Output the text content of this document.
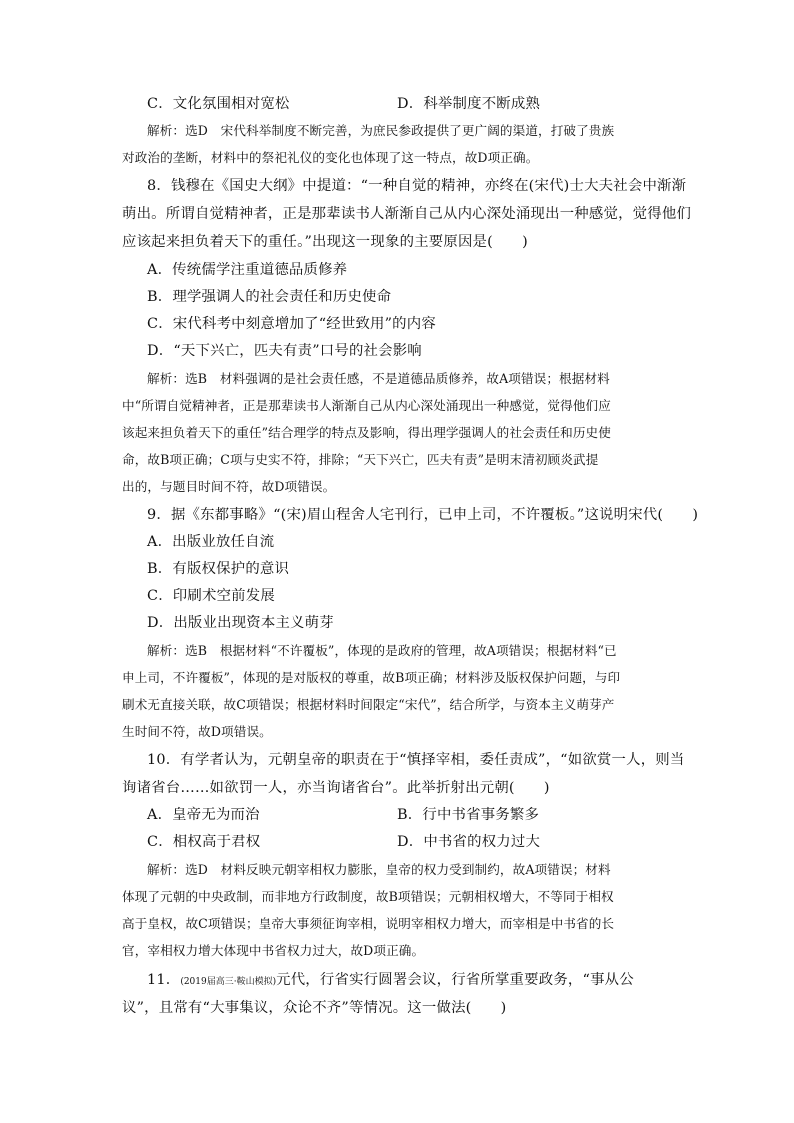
C．文化氛围相对宽松	D．科举制度不断成熟
解析：选D　宋代科举制度不断完善，为庶民参政提供了更广阔的渠道，打破了贵族
对政治的垄断，材料中的祭祀礼仪的变化也体现了这一特点，故D项正确。
8．钱穆在《国史大纲》中提道：“一种自觉的精神，亦终在(宋代)士大夫社会中渐渐
萌出。所谓自觉精神者，正是那辈读书人渐渐自己从内心深处涌现出一种感觉，觉得他们
应该起来担负着天下的重任。”出现这一现象的主要原因是(　　)
A．传统儒学注重道德品质修养
B．理学强调人的社会责任和历史使命
C．宋代科考中刻意增加了“经世致用”的内容
D．“天下兴亡，匹夫有责”口号的社会影响
解析：选B　材料强调的是社会责任感，不是道德品质修养，故A项错误；根据材料
中“所谓自觉精神者，正是那辈读书人渐渐自己从内心深处涌现出一种感觉，觉得他们应
该起来担负着天下的重任”结合理学的特点及影响，得出理学强调人的社会责任和历史使
命，故B项正确；C项与史实不符，排除；“天下兴亡，匹夫有责”是明末清初顾炎武提
出的，与题目时间不符，故D项错误。
9．据《东都事略》“(宋)眉山程舍人宅刊行，已申上司，不许覆板。”这说明宋代(　　)
A．出版业放任自流
B．有版权保护的意识
C．印刷术空前发展
D．出版业出现资本主义萌芽
解析：选B　根据材料“不许覆板”，体现的是政府的管理，故A项错误；根据材料“已
申上司，不许覆板”，体现的是对版权的尊重，故B项正确；材料涉及版权保护问题，与印
刷术无直接关联，故C项错误；根据材料时间限定“宋代”，结合所学，与资本主义萌芽产
生时间不符，故D项错误。
10．有学者认为，元朝皇帝的职责在于“慎择宰相，委任责成”，“如欲赏一人，则当
询诸省台……如欲罚一人，亦当询诸省台”。此举折射出元朝(　　)
A．皇帝无为而治	B．行中书省事务繁多
C．相权高于君权	D．中书省的权力过大
解析：选D　材料反映元朝宰相权力膨胀，皇帝的权力受到制约，故A项错误；材料
体现了元朝的中央政制，而非地方行政制度，故B项错误；元朝相权增大，不等同于相权
高于皇权，故C项错误；皇帝大事须征询宰相，说明宰相权力增大，而宰相是中书省的长
官，宰相权力增大体现中书省权力过大，故D项正确。
11．(2019届高三·鞍山模拟)元代，行省实行圆署会议，行省所掌重要政务，“事从公
议”，且常有“大事集议，众论不齐”等情况。这一做法(　　)
